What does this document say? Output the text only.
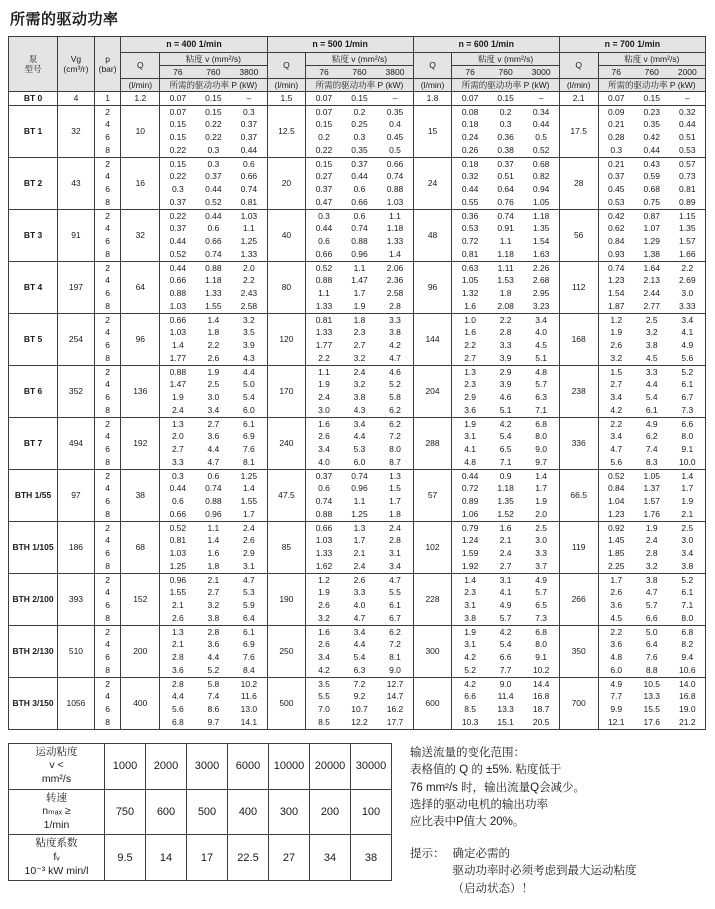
所需的驱动功率
泵
型号

Vg
(cm³/r)

p
(bar)

n = 400 1/min	n = 500 1/min	n = 600 1/min	n = 700 1/min

			Q	粘度 v (mm²/s)			Q	粘度 v (mm²/s)			Q	粘度 v (mm²/s)			Q	粘度 v (mm²/s)		

				76	760	3800		76	760	3800		76	760	3000		76	760	2000

			(l/min)	所需的驱动功率 P (kW)			(l/min)	所需的驱动功率 P (kW)			(l/min)	所需的驱动功率 P (kW)			(l/min)	所需的驱动功率 P (kW)		

BT 0	4	1	1.2	0.07	0.15	–	1.5	0.07	0.15	–	1.8	0.07	0.15	–	2.1	0.07	0.15	–

BT 1	32	2	10	0.07	0.15	0.3	12.5	0.07	0.2	0.35	15	0.08	0.2	0.34	17.5	0.09	0.23	0.32

		4		0.15	0.22	0.37		0.15	0.25	0.4		0.18	0.3	0.44		0.21	0.35	0.44

		6		0.15	0.22	0.37		0.2	0.3	0.45		0.24	0.36	0.5		0.28	0.42	0.51

		8		0.22	0.3	0.44		0.22	0.35	0.5		0.26	0.38	0.52		0.3	0.44	0.53

BT 2	43	2	16	0.15	0.3	0.6	20	0.15	0.37	0.66	24	0.18	0.37	0.68	28	0.21	0.43	0.57

		4		0.22	0.37	0.66		0.27	0.44	0.74		0.32	0.51	0.82		0.37	0.59	0.73

		6		0.3	0.44	0.74		0.37	0.6	0.88		0.44	0.64	0.94		0.45	0.68	0.81

		8		0.37	0.52	0.81		0.47	0.66	1.03		0.55	0.76	1.05		0.53	0.75	0.89

BT 3	91	2	32	0.22	0.44	1.03	40	0.3	0.6	1.1	48	0.36	0.74	1.18	56	0.42	0.87	1.15

		4		0.37	0.6	1.1		0.44	0.74	1.18		0.53	0.91	1.35		0.62	1.07	1.35

		6		0.44	0.66	1.25		0.6	0.88	1.33		0.72	1.1	1.54		0.84	1.29	1.57

		8		0.52	0.74	1.33		0.66	0.96	1.4		0.81	1.18	1.63		0.93	1.38	1.66

BT 4	197	2	64	0.44	0.88	2.0	80	0.52	1.1	2.06	96	0.63	1.11	2.26	112	0.74	1.64	2.2

		4		0.66	1.18	2.2		0.88	1.47	2.36		1.05	1.53	2.68		1.23	2.13	2.69

		6		0.88	1.33	2.43		1.1	1.7	2.58		1.32	1.8	2.95		1.54	2.44	3.0

		8		1.03	1.55	2.58		1.33	1.9	2.8		1.6	2.08	3.23		1.87	2.77	3.33

BT 5	254	2	96	0.66	1.4	3.2	120	0.81	1.8	3.3	144	1.0	2.2	3.4	168	1.2	2.5	3.4

		4		1.03	1.8	3.5		1.33	2.3	3.8		1.6	2.8	4.0		1.9	3.2	4.1

		6		1.4	2.2	3.9		1.77	2.7	4.2		2.2	3.3	4.5		2.6	3.8	4.9

		8		1.77	2.6	4.3		2.2	3.2	4.7		2.7	3.9	5.1		3.2	4.5	5.6

BT 6	352	2	136	0.88	1.9	4.4	170	1.1	2.4	4.6	204	1.3	2.9	4.8	238	1.5	3.3	5.2

		4		1.47	2.5	5.0		1.9	3.2	5.2		2.3	3.9	5.7		2.7	4.4	6.1

		6		1.9	3.0	5.4		2.4	3.8	5.8		2.9	4.6	6.3		3.4	5.4	6.7

		8		2.4	3.4	6.0		3.0	4.3	6.2		3.6	5.1	7.1		4.2	6.1	7.3

BT 7	494	2	192	1.3	2.7	6.1	240	1.6	3.4	6.2	288	1.9	4.2	6.8	336	2.2	4.9	6.6

		4		2.0	3.6	6.9		2.6	4.4	7.2		3.1	5.4	8.0		3.4	6.2	8.0

		6		2.7	4.4	7.6		3.4	5.3	8.0		4.1	6.5	9.0		4.7	7.4	9.1

		8		3.3	4.7	8.1		4.0	6.0	8.7		4.8	7.1	9.7		5.6	8.3	10.0

BTH 1/55	97	2	38	0.3	0.6	1.25	47.5	0.37	0.74	1.3	57	0.44	0.9	1.4	66.5	0.52	1.05	1.4

		4		0.44	0.74	1.4		0.6	0.96	1.5		0.72	1.18	1.7		0.84	1.37	1.7

		6		0.6	0.88	1.55		0.74	1.1	1.7		0.89	1.35	1.9		1.04	1.57	1.9

		8		0.66	0.96	1.7		0.88	1.25	1.8		1.06	1.52	2.0		1.23	1.76	2.1

BTH 1/105	186	2	68	0.52	1.1	2.4	85	0.66	1.3	2.4	102	0.79	1.6	2.5	119	0.92	1.9	2.5

		4		0.81	1.4	2.6		1.03	1.7	2.8		1.24	2.1	3.0		1.45	2.4	3.0

		6		1.03	1.6	2.9		1.33	2.1	3.1		1.59	2.4	3.3		1.85	2.8	3.4

		8		1.25	1.8	3.1		1.62	2.4	3.4		1.92	2.7	3.7		2.25	3.2	3.8

BTH 2/100	393	2	152	0.96	2.1	4.7	190	1.2	2.6	4.7	228	1.4	3.1	4.9	266	1.7	3.8	5.2

		4		1.55	2.7	5.3		1.9	3.3	5.5		2.3	4.1	5.7		2.6	4.7	6.1

		6		2.1	3.2	5.9		2.6	4.0	6.1		3.1	4.9	6.5		3.6	5.7	7.1

		8		2.6	3.8	6.4		3.2	4.7	6.7		3.8	5.7	7.3		4.5	6.6	8.0

BTH 2/130	510	2	200	1.3	2.8	6.1	250	1.6	3.4	6.2	300	1.9	4.2	6.8	350	2.2	5.0	6.8

		4		2.1	3.6	6.9		2.6	4.4	7.2		3.1	5.4	8.0		3.6	6.4	8.2

		6		2.8	4.4	7.6		3.4	5.4	8.1		4.2	6.6	9.1		4.8	7.6	9.4

		8		3.6	5.2	8.4		4.2	6.3	9.0		5.2	7.7	10.2		6.0	8.8	10.6

BTH 3/150	1056	2	400	2.8	5.8	10.2	500	3.5	7.2	12.7	600	4.2	9.0	14.4	700	4.9	10.5	14.0

		4		4.4	7.4	11.6		5.5	9.2	14.7		6.6	11.4	16.8		7.7	13.3	16.8

		6		5.6	8.6	13.0		7.0	10.7	16.2		8.5	13.3	18.7		9.9	15.5	19.0

		8		6.8	9.7	14.1		8.5	12.2	17.7		10.3	15.1	20.5		12.1	17.6	21.2
运动粘度
v <
mm²/s	1000	2000	3000	6000	10000	20000	30000

转速
nₘₐₓ ≥
1/min	750	600	500	400	300	200	100

粘度系数
fᵥ
10⁻³ kW min/l	9.5	14	17	22.5	27	34	38
输送流量的变化范围：
表格值的 Q 的 ±5%. 粘度低于
76 mm²/s 时，输出流量Q会减少。
选择的驱动电机的输出功率
应比表中P值大 20%。
提示： 确定必需的
驱动功率时必须考虑到最大运动粘度
（启动状态）！
